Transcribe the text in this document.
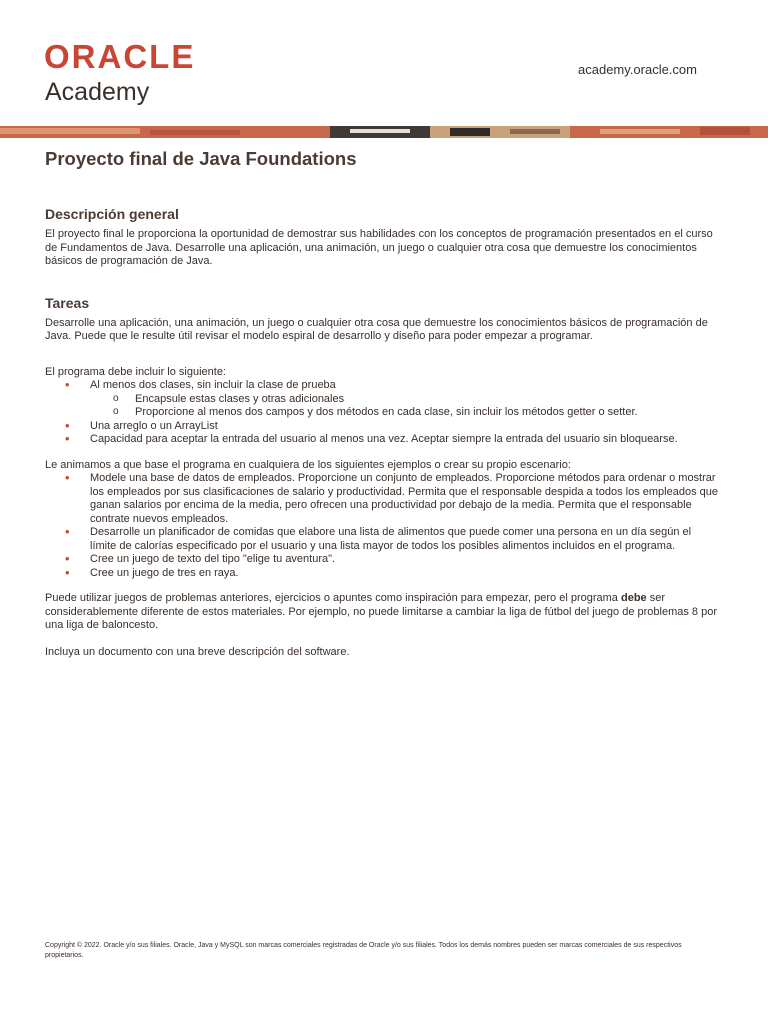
ORACLE
Academy
academy.oracle.com
Proyecto final de Java Foundations
Descripción general

El proyecto final le proporciona la oportunidad de demostrar sus habilidades con los conceptos de programación presentados en el curso de Fundamentos de Java. Desarrolle una aplicación, una animación, un juego o cualquier otra cosa que demuestre los conocimientos básicos de programación de Java.

Tareas

Desarrolle una aplicación, una animación, un juego o cualquier otra cosa que demuestre los conocimientos básicos de programación de Java. Puede que le resulte útil revisar el modelo espiral de desarrollo y diseño para poder empezar a programar.

El programa debe incluir lo siguiente:

• Al menos dos clases, sin incluir la clase de prueba
o Encapsule estas clases y otras adicionales
o Proporcione al menos dos campos y dos métodos en cada clase, sin incluir los métodos getter o setter.
• Una arreglo o un ArrayList
• Capacidad para aceptar la entrada del usuario al menos una vez. Aceptar siempre la entrada del usuario sin bloquearse.

Le animamos a que base el programa en cualquiera de los siguientes ejemplos o crear su propio escenario:

• Modele una base de datos de empleados. Proporcione un conjunto de empleados. Proporcione métodos para ordenar o mostrar los empleados por sus clasificaciones de salario y productividad. Permita que el responsable despida a todos los empleados que ganan salarios por encima de la media, pero ofrecen una productividad por debajo de la media. Permita que el responsable contrate nuevos empleados.
• Desarrolle un planificador de comidas que elabore una lista de alimentos que puede comer una persona en un día según el límite de calorías especificado por el usuario y una lista mayor de todos los posibles alimentos incluidos en el programa.
• Cree un juego de texto del tipo "elige tu aventura".
• Cree un juego de tres en raya.

Puede utilizar juegos de problemas anteriores, ejercicios o apuntes como inspiración para empezar, pero el programa debe ser considerablemente diferente de estos materiales. Por ejemplo, no puede limitarse a cambiar la liga de fútbol del juego de problemas 8 por una liga de baloncesto.

Incluya un documento con una breve descripción del software.

Copyright © 2022. Oracle y/o sus filiales. Oracle, Java y MySQL son marcas comerciales registradas de Oracle y/o sus filiales. Todos los demás nombres pueden ser marcas comerciales de sus respectivos propietarios.
